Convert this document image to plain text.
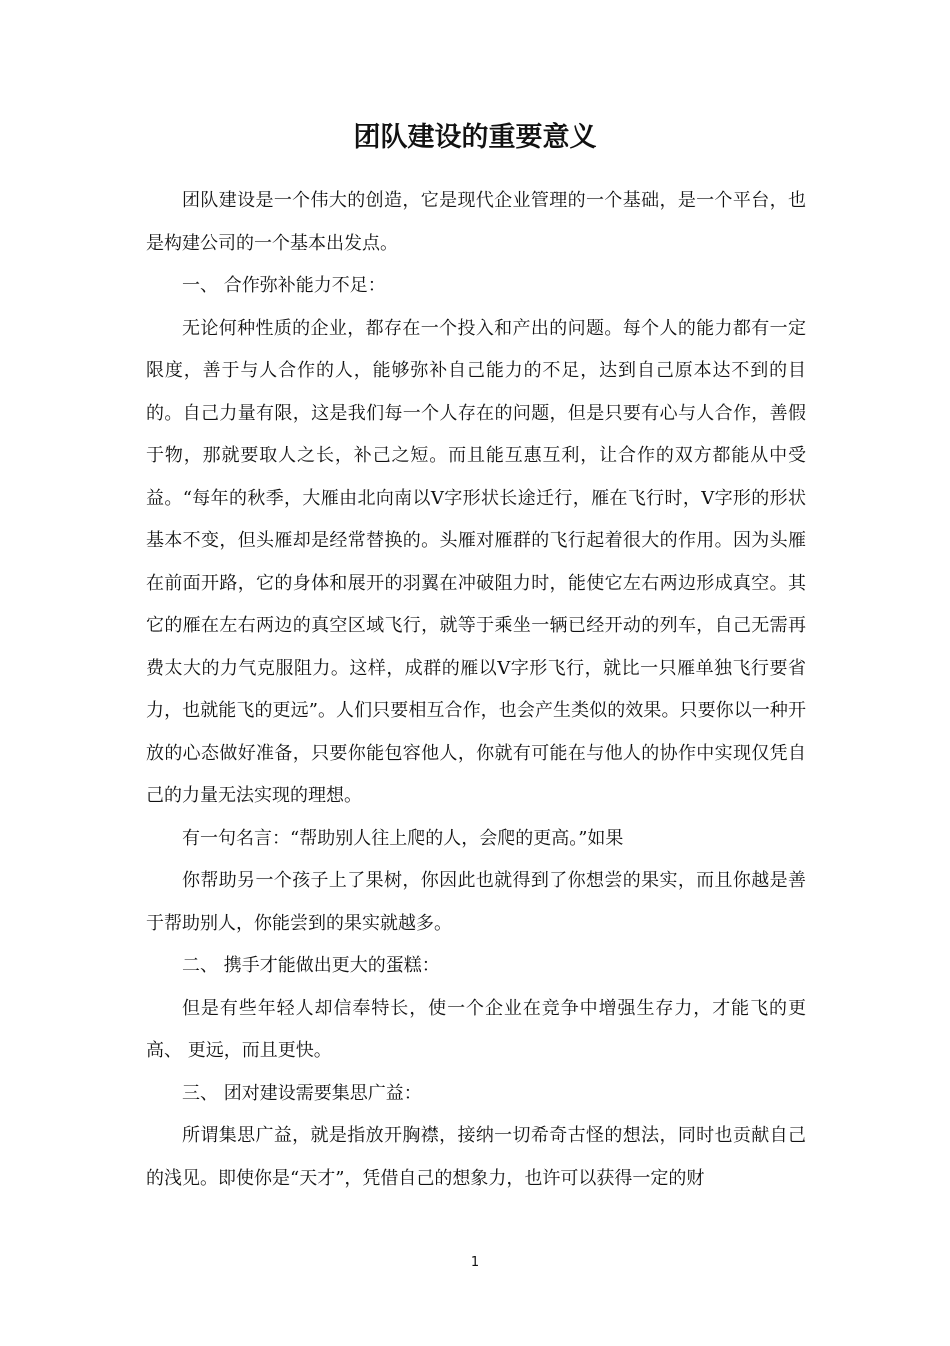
团队建设的重要意义

团队建设是一个伟大的创造，它是现代企业管理的一个基础，是一个平台，也是构建公司的一个基本出发点。

一、 合作弥补能力不足：

无论何种性质的企业，都存在一个投入和产出的问题。每个人的能力都有一定限度，善于与人合作的人，能够弥补自己能力的不足，达到自己原本达不到的目的。自己力量有限，这是我们每一个人存在的问题，但是只要有心与人合作，善假于物，那就要取人之长，补己之短。而且能互惠互利，让合作的双方都能从中受益。“每年的秋季，大雁由北向南以V字形状长途迁行，雁在飞行时，V字形的形状基本不变，但头雁却是经常替换的。头雁对雁群的飞行起着很大的作用。因为头雁在前面开路，它的身体和展开的羽翼在冲破阻力时，能使它左右两边形成真空。其它的雁在左右两边的真空区域飞行，就等于乘坐一辆已经开动的列车，自己无需再费太大的力气克服阻力。这样，成群的雁以V字形飞行，就比一只雁单独飞行要省力，也就能飞的更远”。人们只要相互合作，也会产生类似的效果。只要你以一种开放的心态做好准备，只要你能包容他人，你就有可能在与他人的协作中实现仅凭自己的力量无法实现的理想。

有一句名言：“帮助别人往上爬的人，会爬的更高。”如果

你帮助另一个孩子上了果树，你因此也就得到了你想尝的果实，而且你越是善于帮助别人，你能尝到的果实就越多。

二、 携手才能做出更大的蛋糕：

但是有些年轻人却信奉特长，使一个企业在竞争中增强生存力，才能飞的更高、 更远，而且更快。

三、 团对建设需要集思广益：

所谓集思广益，就是指放开胸襟，接纳一切希奇古怪的想法，同时也贡献自己的浅见。即使你是“天才”，凭借自己的想象力，也许可以获得一定的财

1
